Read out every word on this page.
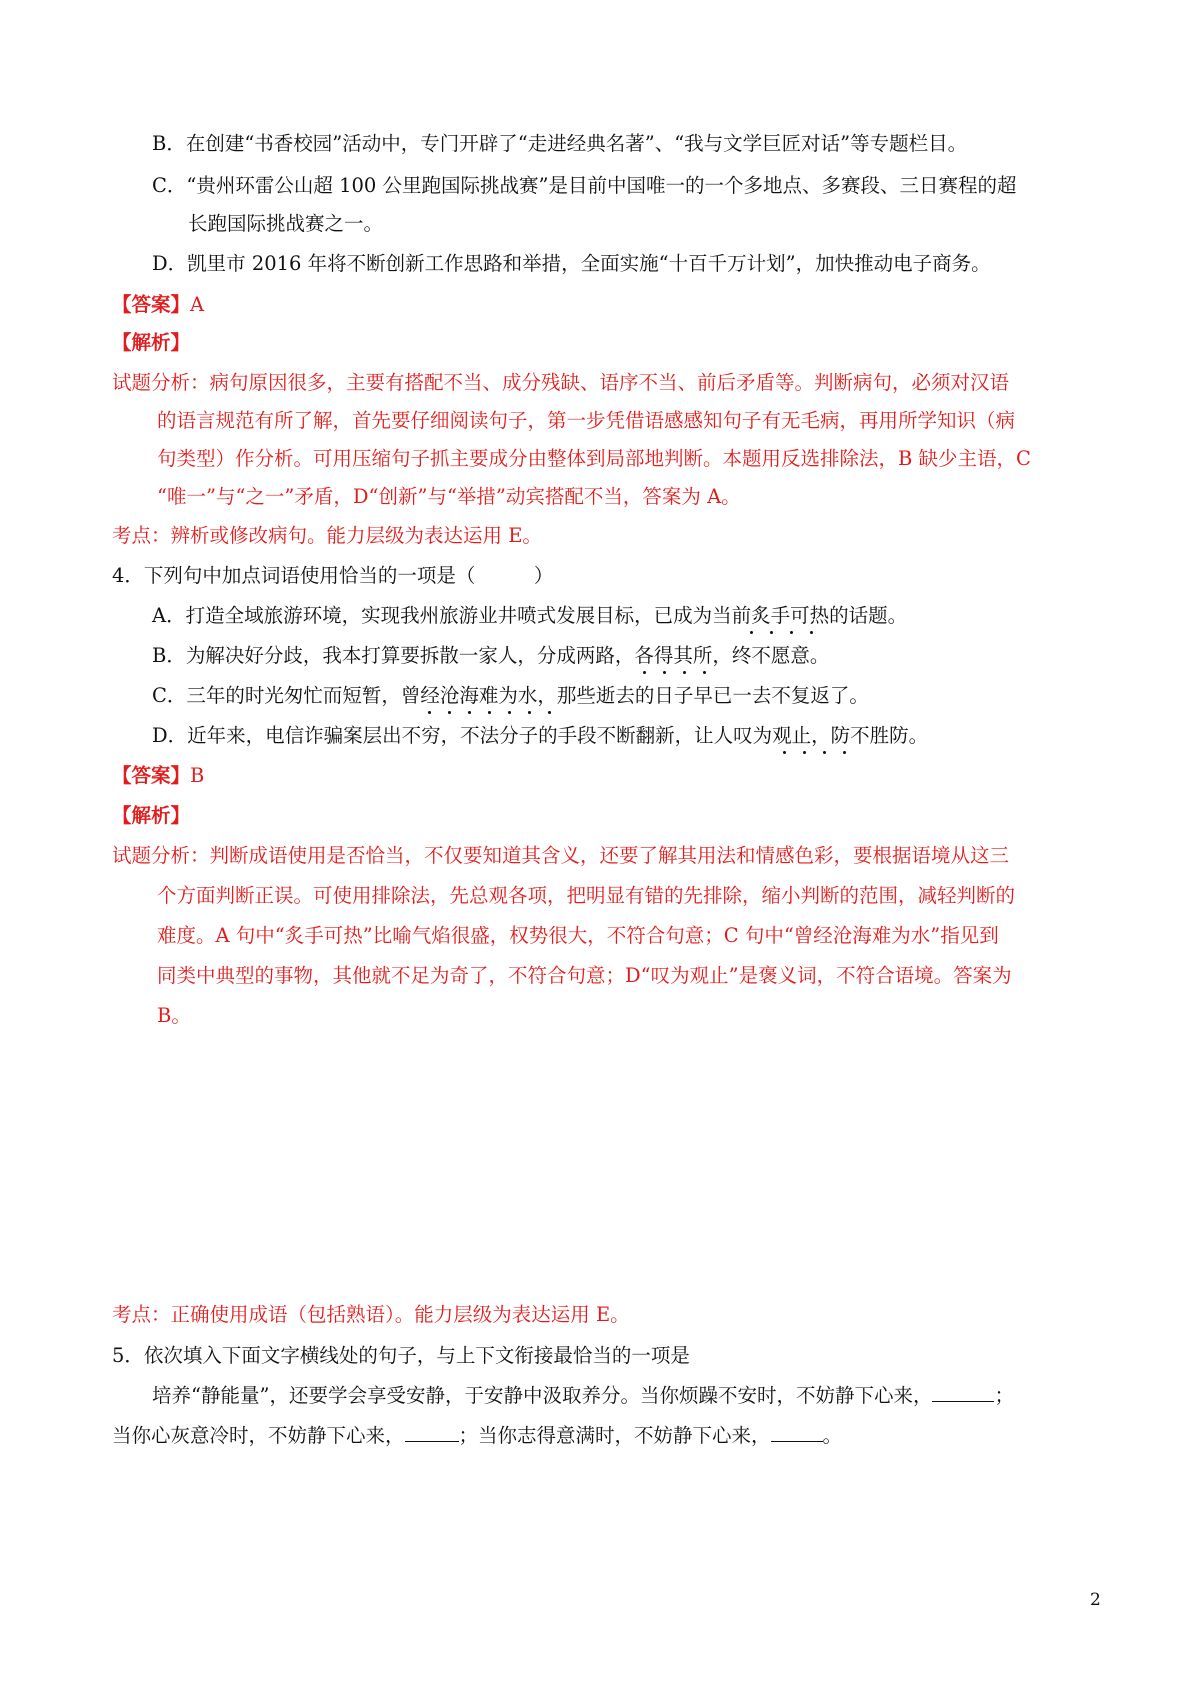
B．在创建“书香校园”活动中，专门开辟了“走进经典名著”、“我与文学巨匠对话”等专题栏目。
C．“贵州环雷公山超 100 公里跑国际挑战赛”是目前中国唯一的一个多地点、多赛段、三日赛程的超
长跑国际挑战赛之一。
D．凯里市 2016 年将不断创新工作思路和举措，全面实施“十百千万计划”，加快推动电子商务。
【答案】A
【解析】
试题分析：病句原因很多，主要有搭配不当、成分残缺、语序不当、前后矛盾等。判断病句，必须对汉语
的语言规范有所了解，首先要仔细阅读句子，第一步凭借语感感知句子有无毛病，再用所学知识（病
句类型）作分析。可用压缩句子抓主要成分由整体到局部地判断。本题用反选排除法，B 缺少主语，C
“唯一”与“之一”矛盾，D“创新”与“举措”动宾搭配不当，答案为 A。
考点：辨析或修改病句。能力层级为表达运用 E。
4．下列句中加点词语使用恰当的一项是（　　　）
A．打造全域旅游环境，实现我州旅游业井喷式发展目标，已成为当前炙手可热的话题。
B．为解决好分歧，我本打算要拆散一家人，分成两路，各得其所，终不愿意。
C．三年的时光匆忙而短暂，曾经沧海难为水，那些逝去的日子早已一去不复返了。
D．近年来，电信诈骗案层出不穷，不法分子的手段不断翻新，让人叹为观止，防不胜防。
【答案】B
【解析】
试题分析：判断成语使用是否恰当，不仅要知道其含义，还要了解其用法和情感色彩，要根据语境从这三
个方面判断正误。可使用排除法，先总观各项，把明显有错的先排除，缩小判断的范围，减轻判断的
难度。A 句中“炙手可热”比喻气焰很盛，权势很大，不符合句意；C 句中“曾经沧海难为水”指见到
同类中典型的事物，其他就不足为奇了，不符合句意；D“叹为观止”是褒义词，不符合语境。答案为
B。
考点：正确使用成语（包括熟语）。能力层级为表达运用 E。
5．依次填入下面文字横线处的句子，与上下文衔接最恰当的一项是
培养“静能量”，还要学会享受安静，于安静中汲取养分。当你烦躁不安时，不妨静下心来，	；
当你心灰意冷时，不妨静下心来，	；当你志得意满时，不妨静下心来，	。
2
